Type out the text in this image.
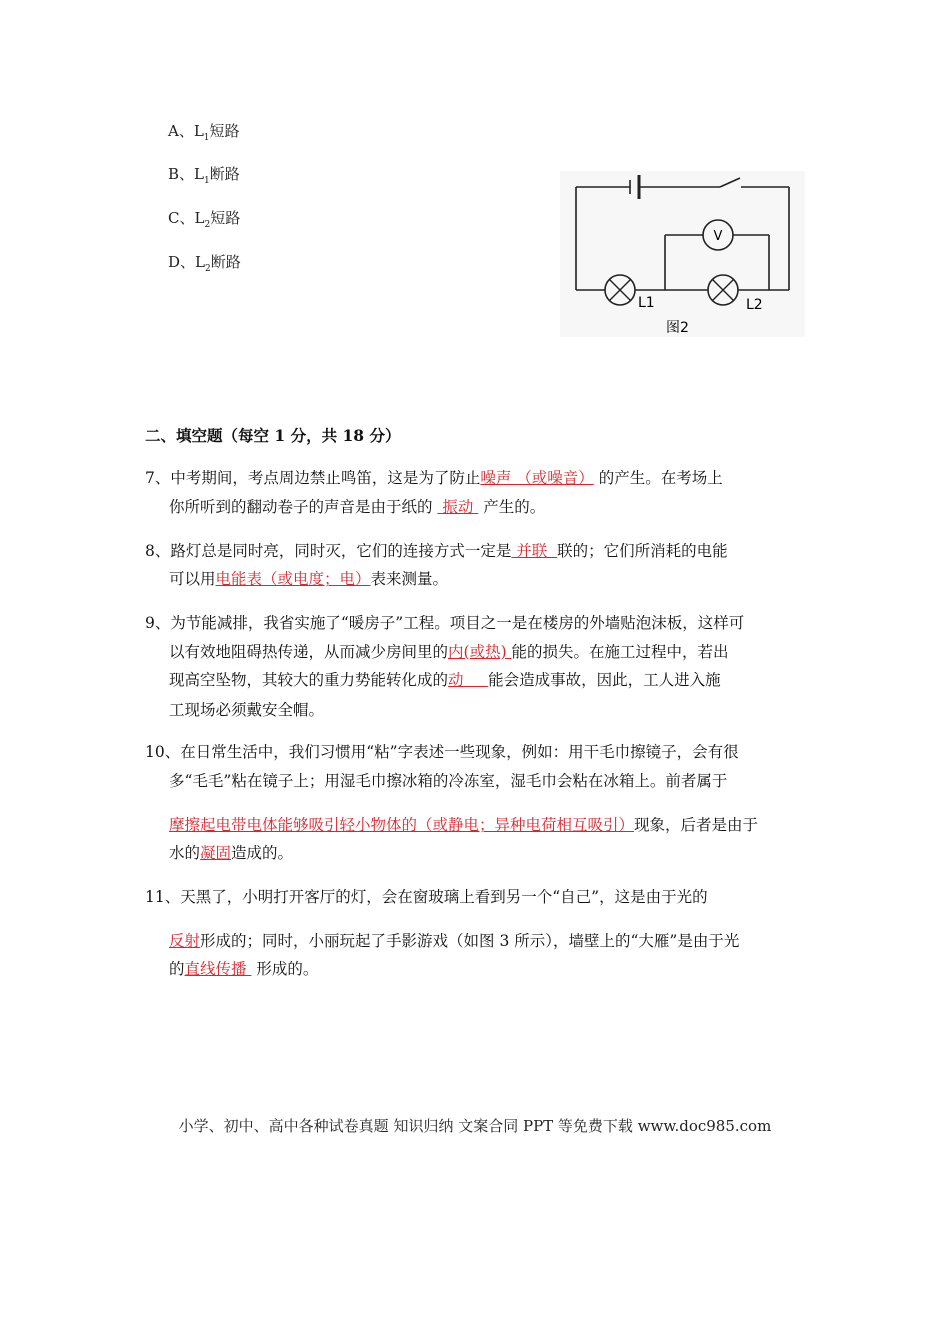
A、$L_1$短路
B、$L_1$断路
C、$L_2$短路
D、$L_2$断路
V
L1	L2
图2
二、填空题（每空 1 分，共 18 分）
7、中考期间，考点周边禁止鸣笛，这是为了防止噪声 （或噪音） 的产生。在考场上
你所听到的翻动卷子的声音是由于纸的  振动  产生的。
8、路灯总是同时亮，同时灭，它们的连接方式一定是 并联  联的；它们所消耗的电能
可以用电能表（或电度；电）表来测量。
9、为节能减排，我省实施了“暖房子”工程。项目之一是在楼房的外墙贴泡沫板，这样可
以有效地阻碍热传递，从而减少房间里的内(或热) 能的损失。在施工过程中，若出
现高空坠物，其较大的重力势能转化成的动     能会造成事故，因此，工人进入施
工现场必须戴安全帽。
10、在日常生活中，我们习惯用“粘”字表述一些现象，例如：用干毛巾擦镜子，会有很
多“毛毛”粘在镜子上；用湿毛巾擦冰箱的冷冻室，湿毛巾会粘在冰箱上。前者属于
摩擦起电带电体能够吸引轻小物体的（或静电；异种电荷相互吸引）现象，后者是由于
水的凝固造成的。
11、天黑了，小明打开客厅的灯，会在窗玻璃上看到另一个“自己”，这是由于光的
反射形成的；同时，小丽玩起了手影游戏（如图 3 所示），墙壁上的“大雁”是由于光
的直线传播  形成的。
小学、初中、高中各种试卷真题 知识归纳 文案合同 PPT 等免费下载 www.doc985.com
